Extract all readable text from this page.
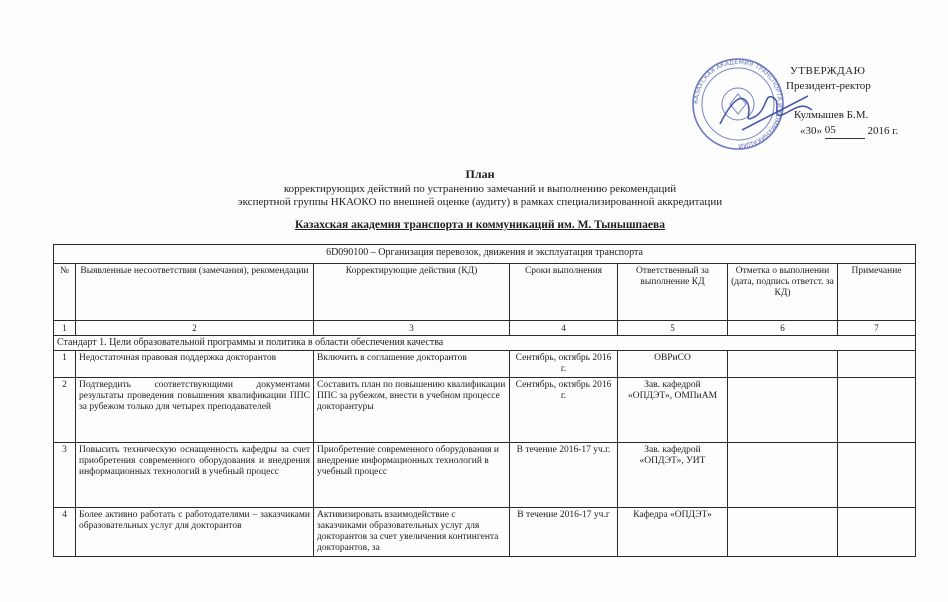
КАЗАХСКАЯ АКАДЕМИЯ ТРАНСПОРТА И КОММУНИКАЦИЙ
УТВЕРЖДАЮ
Президент-ректор
Кулмышев Б.М.
«30» 05	2016 г.
План
корректирующих действий по устранению замечаний и выполнению рекомендаций
экспертной группы НКАОКО по внешней оценке (аудиту) в рамках специализированной аккредитации
Казахская академия транспорта и коммуникаций им. М. Тынышпаева
6D090100 – Организация перевозок, движения и эксплуатация транспорта						
№	Выявленные несоответствия (замечания), рекомендации	Корректирующие действия (КД)	Сроки выполнения	Ответственный за выполнение КД	Отметка о выполнении (дата, подпись ответст. за КД)	Примечание
1	2	3	4	5	6	7
Стандарт 1. Цели образовательной программы и политика в области обеспечения качества						
1	Недостаточная правовая поддержка докторантов	Включить в соглашение докторантов	Сентябрь, октябрь 2016 г.	ОВРиСО		
2	Подтвердить соответствующими документами результаты проведения повышения квалификации ППС за рубежом только для четырех преподавателей	Составить план по повышению квалификации ППС за рубежом, внести в учебном процессе докторантуры	Сентябрь, октябрь 2016 г.	Зав. кафедрой «ОПДЭТ», ОМПиАМ		
3	Повысить техническую оснащенность кафедры за счет приобретения современного оборудования и внедрения информационных технологий в учебный процесс	Приобретение современного оборудования и внедрение информационных технологий в учебный процесс	В течение 2016-17 уч.г.	Зав. кафедрой «ОПДЭТ», УИТ		
4	Более активно работать с работодателями – заказчиками образовательных услуг для докторантов	Активизировать взаимодействие с заказчиками образовательных услуг для докторантов за счет увеличения контингента докторантов, за	В течение 2016-17 уч.г	Кафедра «ОПДЭТ»		
